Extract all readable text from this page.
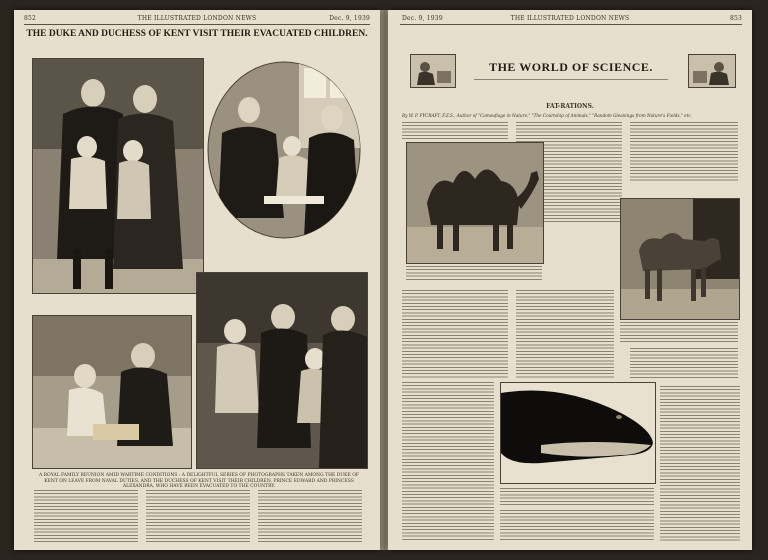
852	THE ILLUSTRATED LONDON NEWS	Dec. 9, 1939
THE DUKE AND DUCHESS OF KENT VISIT THEIR EVACUATED CHILDREN.
A ROYAL FAMILY REUNION AMID WARTIME CONDITIONS : A DELIGHTFUL SERIES OF PHOTOGRAPHS TAKEN AMONG THE DUKE OF KENT ON LEAVE FROM NAVAL DUTIES, AND THE DUCHESS OF KENT VISIT THEIR CHILDREN, PRINCE EDWARD AND PRINCESS ALEXANDRA, WHO HAVE BEEN EVACUATED TO THE COUNTRY.
Dec. 9, 1939	THE ILLUSTRATED LONDON NEWS	853
THE WORLD OF SCIENCE.
FAT-RATIONS.
By W. P. PYCRAFT, F.Z.S., Author of "Camouflage in Nature," "The Courtship of Animals," "Random Gleanings from Nature's Fields," etc.
